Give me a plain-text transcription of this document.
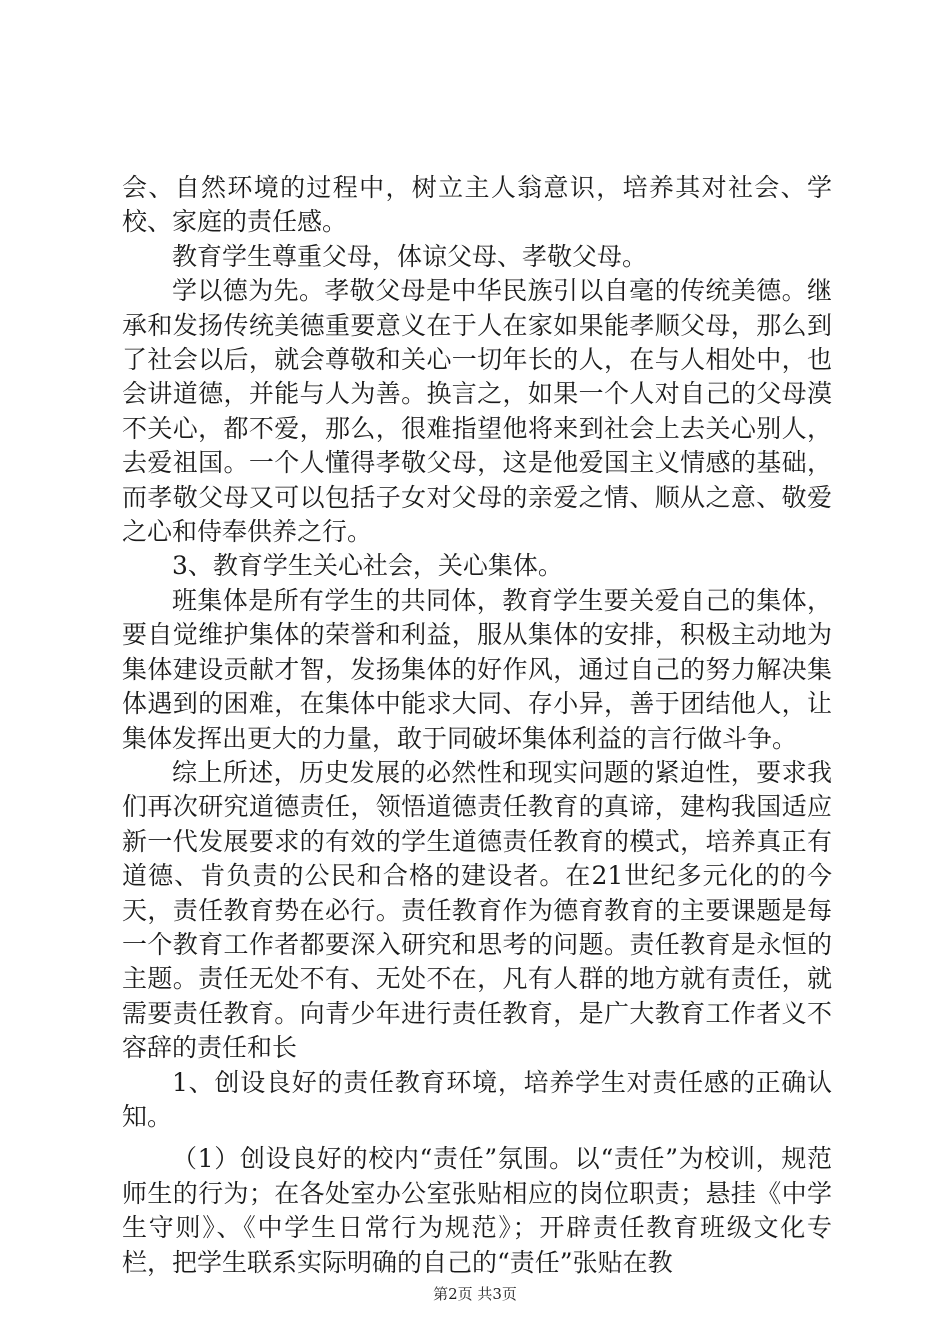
会、自然环境的过程中，树立主人翁意识，培养其对社会、学校、家庭的责任感。

教育学生尊重父母，体谅父母、孝敬父母。

学以德为先。孝敬父母是中华民族引以自毫的传统美德。继承和发扬传统美德重要意义在于人在家如果能孝顺父母，那么到了社会以后，就会尊敬和关心一切年长的人，在与人相处中，也会讲道德，并能与人为善。换言之，如果一个人对自己的父母漠不关心，都不爱，那么，很难指望他将来到社会上去关心别人，去爱祖国。一个人懂得孝敬父母，这是他爱国主义情感的基础，而孝敬父母又可以包括子女对父母的亲爱之情、顺从之意、敬爱之心和侍奉供养之行。

3、教育学生关心社会，关心集体。

班集体是所有学生的共同体，教育学生要关爱自己的集体，要自觉维护集体的荣誉和利益，服从集体的安排，积极主动地为集体建设贡献才智，发扬集体的好作风，通过自己的努力解决集体遇到的困难，在集体中能求大同、存小异，善于团结他人，让集体发挥出更大的力量，敢于同破坏集体利益的言行做斗争。

综上所述，历史发展的必然性和现实问题的紧迫性，要求我们再次研究道德责任，领悟道德责任教育的真谛，建构我国适应新一代发展要求的有效的学生道德责任教育的模式，培养真正有道德、肯负责的公民和合格的建设者。在21世纪多元化的的今天，责任教育势在必行。责任教育作为德育教育的主要课题是每一个教育工作者都要深入研究和思考的问题。责任教育是永恒的主题。责任无处不有、无处不在，凡有人群的地方就有责任，就需要责任教育。向青少年进行责任教育，是广大教育工作者义不容辞的责任和长

1、创设良好的责任教育环境，培养学生对责任感的正确认知。

（1）创设良好的校内“责任”氛围。以“责任”为校训，规范师生的行为；在各处室办公室张贴相应的岗位职责；悬挂《中学生守则》、《中学生日常行为规范》；开辟责任教育班级文化专栏，把学生联系实际明确的自己的“责任”张贴在教

第2页 共3页
